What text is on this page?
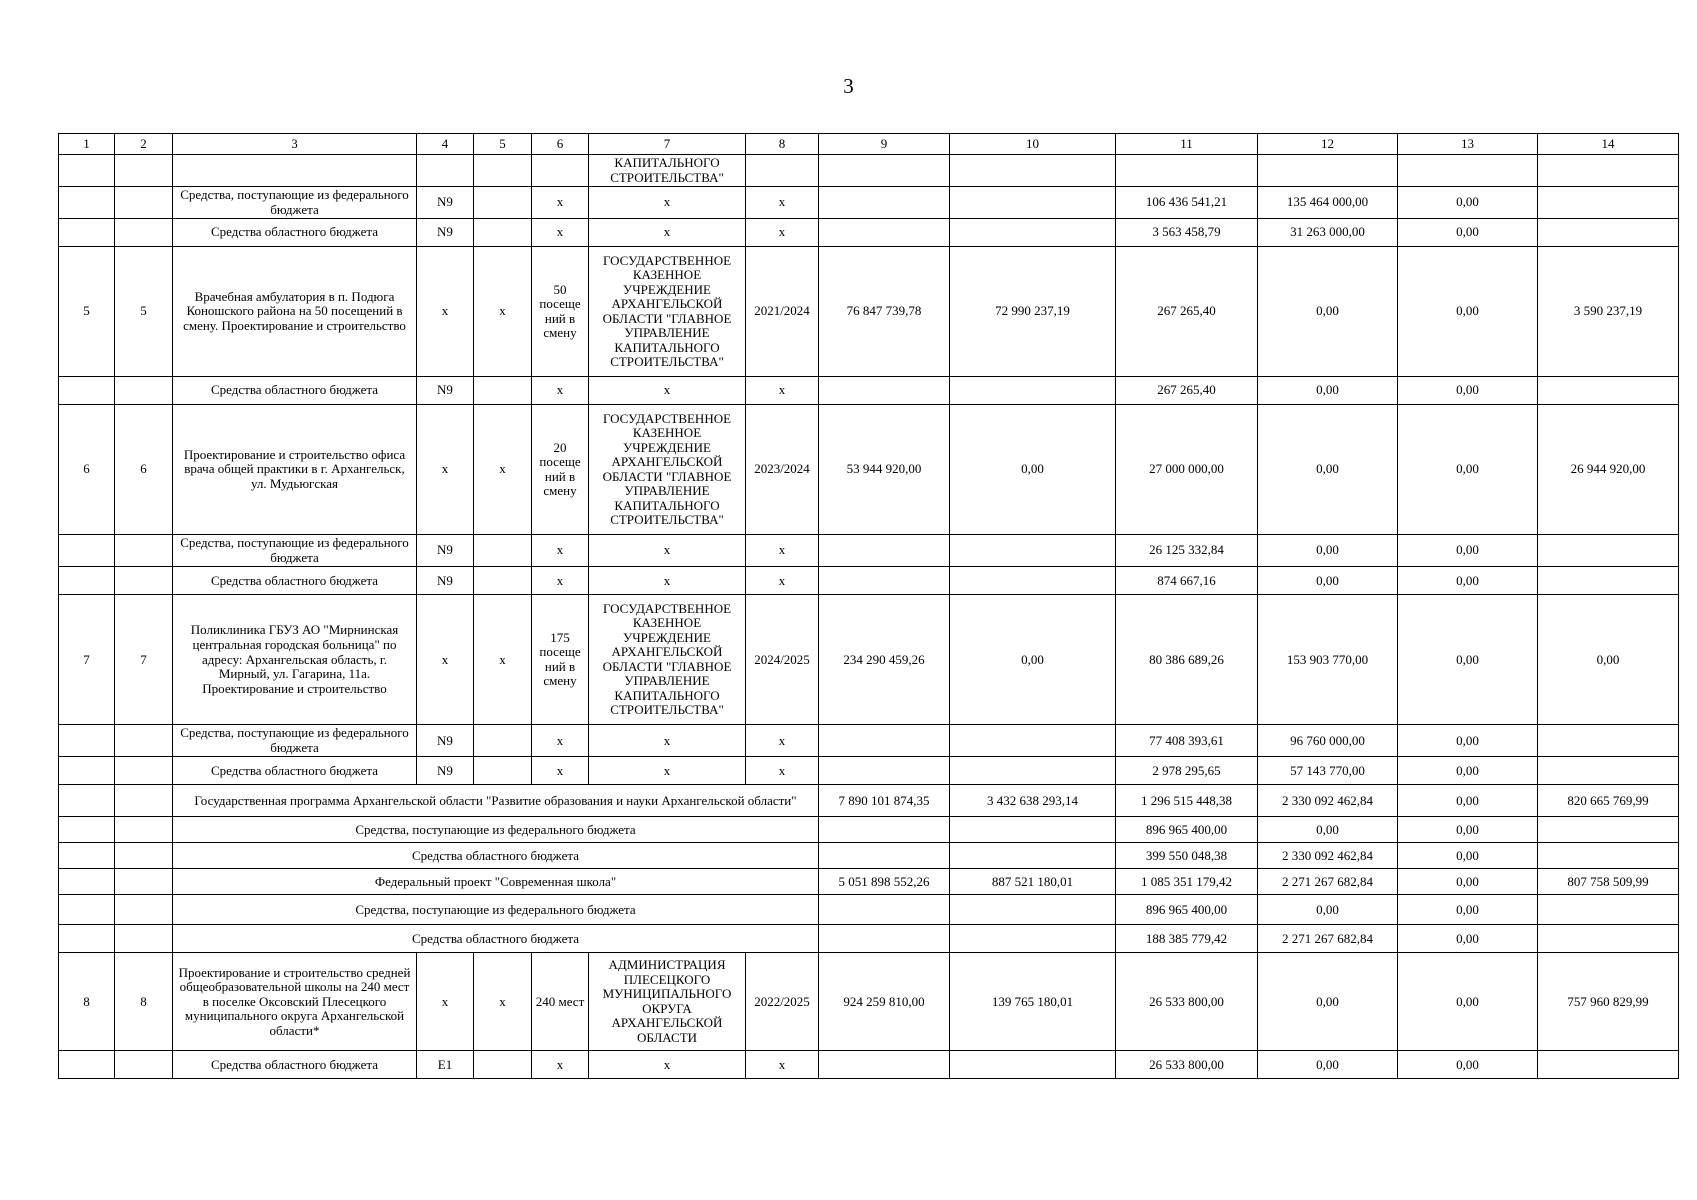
3
1	2	3	4	5	6	7	8	9	10	11	12	13	14
						КАПИТАЛЬНОГО СТРОИТЕЛЬСТВА"							
		Средства, поступающие из федерального бюджета	N9		х	х	х			106 436 541,21	135 464 000,00	0,00	
		Средства областного бюджета	N9		х	х	х			3 563 458,79	31 263 000,00	0,00	
5	5	Врачебная амбулатория в п. Подюга Коношского района на 50 посещений в смену. Проектирование и строительство	х	х	50 посеще ний в смену	ГОСУДАРСТВЕННОЕ КАЗЕННОЕ УЧРЕЖДЕНИЕ АРХАНГЕЛЬСКОЙ ОБЛАСТИ "ГЛАВНОЕ УПРАВЛЕНИЕ КАПИТАЛЬНОГО СТРОИТЕЛЬСТВА"	2021/2024	76 847 739,78	72 990 237,19	267 265,40	0,00	0,00	3 590 237,19
		Средства областного бюджета	N9		х	х	х			267 265,40	0,00	0,00	
6	6	Проектирование и строительство офиса врача общей практики в г. Архангельск, ул. Мудьюгская	х	х	20 посеще ний в смену	ГОСУДАРСТВЕННОЕ КАЗЕННОЕ УЧРЕЖДЕНИЕ АРХАНГЕЛЬСКОЙ ОБЛАСТИ "ГЛАВНОЕ УПРАВЛЕНИЕ КАПИТАЛЬНОГО СТРОИТЕЛЬСТВА"	2023/2024	53 944 920,00	0,00	27 000 000,00	0,00	0,00	26 944 920,00
		Средства, поступающие из федерального бюджета	N9		х	х	х			26 125 332,84	0,00	0,00	
		Средства областного бюджета	N9		х	х	х			874 667,16	0,00	0,00	
7	7	Поликлиника ГБУЗ АО "Мирнинская центральная городская больница" по адресу: Архангельская область, г. Мирный, ул. Гагарина, 11а. Проектирование и строительство	х	х	175 посеще ний в смену	ГОСУДАРСТВЕННОЕ КАЗЕННОЕ УЧРЕЖДЕНИЕ АРХАНГЕЛЬСКОЙ ОБЛАСТИ "ГЛАВНОЕ УПРАВЛЕНИЕ КАПИТАЛЬНОГО СТРОИТЕЛЬСТВА"	2024/2025	234 290 459,26	0,00	80 386 689,26	153 903 770,00	0,00	0,00
		Средства, поступающие из федерального бюджета	N9		х	х	х			77 408 393,61	96 760 000,00	0,00	
		Средства областного бюджета	N9		х	х	х			2 978 295,65	57 143 770,00	0,00	
		Государственная программа Архангельской области "Развитие образования и науки Архангельской области"						7 890 101 874,35	3 432 638 293,14	1 296 515 448,38	2 330 092 462,84	0,00	820 665 769,99
		Средства, поступающие из федерального бюджета								896 965 400,00	0,00	0,00	
		Средства областного бюджета								399 550 048,38	2 330 092 462,84	0,00	
		Федеральный проект "Современная школа"						5 051 898 552,26	887 521 180,01	1 085 351 179,42	2 271 267 682,84	0,00	807 758 509,99
		Средства, поступающие из федерального бюджета								896 965 400,00	0,00	0,00	
		Средства областного бюджета								188 385 779,42	2 271 267 682,84	0,00	
8	8	Проектирование и строительство средней общеобразовательной школы на 240 мест в поселке Оксовский Плесецкого муниципального округа Архангельской области*	х	х	240 мест	АДМИНИСТРАЦИЯ ПЛЕСЕЦКОГО МУНИЦИПАЛЬНОГО ОКРУГА АРХАНГЕЛЬСКОЙ ОБЛАСТИ	2022/2025	924 259 810,00	139 765 180,01	26 533 800,00	0,00	0,00	757 960 829,99
		Средства областного бюджета	Е1		х	х	х			26 533 800,00	0,00	0,00	
